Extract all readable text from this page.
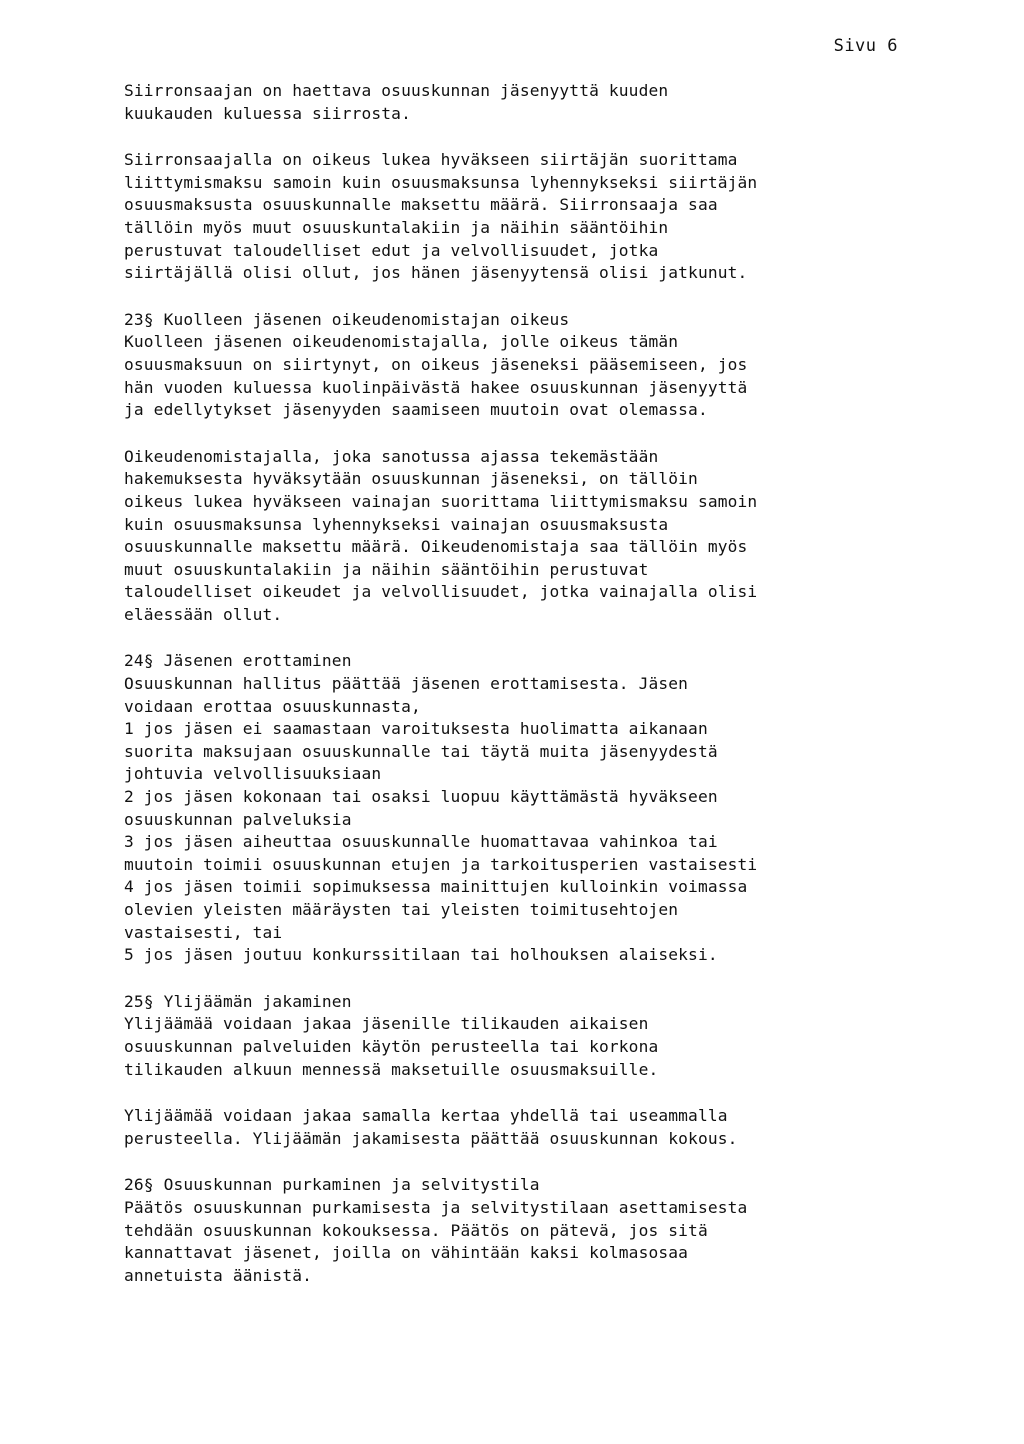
Sivu 6
Siirronsaajan on haettava osuuskunnan jäsenyyttä kuuden
kuukauden kuluessa siirrosta.
Siirronsaajalla on oikeus lukea hyväkseen siirtäjän suorittama
liittymismaksu samoin kuin osuusmaksunsa lyhennykseksi siirtäjän
osuusmaksusta osuuskunnalle maksettu määrä. Siirronsaaja saa
tällöin myös muut osuuskuntalakiin ja näihin sääntöihin
perustuvat taloudelliset edut ja velvollisuudet, jotka
siirtäjällä olisi ollut, jos hänen jäsenyytensä olisi jatkunut.
23§ Kuolleen jäsenen oikeudenomistajan oikeus
Kuolleen jäsenen oikeudenomistajalla, jolle oikeus tämän
osuusmaksuun on siirtynyt, on oikeus jäseneksi pääsemiseen, jos
hän vuoden kuluessa kuolinpäivästä hakee osuuskunnan jäsenyyttä
ja edellytykset jäsenyyden saamiseen muutoin ovat olemassa.
Oikeudenomistajalla, joka sanotussa ajassa tekemästään
hakemuksesta hyväksytään osuuskunnan jäseneksi, on tällöin
oikeus lukea hyväkseen vainajan suorittama liittymismaksu samoin
kuin osuusmaksunsa lyhennykseksi vainajan osuusmaksusta
osuuskunnalle maksettu määrä. Oikeudenomistaja saa tällöin myös
muut osuuskuntalakiin ja näihin sääntöihin perustuvat
taloudelliset oikeudet ja velvollisuudet, jotka vainajalla olisi
eläessään ollut.
24§ Jäsenen erottaminen
Osuuskunnan hallitus päättää jäsenen erottamisesta. Jäsen
voidaan erottaa osuuskunnasta,
1 jos jäsen ei saamastaan varoituksesta huolimatta aikanaan
suorita maksujaan osuuskunnalle tai täytä muita jäsenyydestä
johtuvia velvollisuuksiaan
2 jos jäsen kokonaan tai osaksi luopuu käyttämästä hyväkseen
osuuskunnan palveluksia
3 jos jäsen aiheuttaa osuuskunnalle huomattavaa vahinkoa tai
muutoin toimii osuuskunnan etujen ja tarkoitusperien vastaisesti
4 jos jäsen toimii sopimuksessa mainittujen kulloinkin voimassa
olevien yleisten määräysten tai yleisten toimitusehtojen
vastaisesti, tai
5 jos jäsen joutuu konkurssitilaan tai holhouksen alaiseksi.
25§ Ylijäämän jakaminen
Ylijäämää voidaan jakaa jäsenille tilikauden aikaisen
osuuskunnan palveluiden käytön perusteella tai korkona
tilikauden alkuun mennessä maksetuille osuusmaksuille.
Ylijäämää voidaan jakaa samalla kertaa yhdellä tai useammalla
perusteella. Ylijäämän jakamisesta päättää osuuskunnan kokous.
26§ Osuuskunnan purkaminen ja selvitystila
Päätös osuuskunnan purkamisesta ja selvitystilaan asettamisesta
tehdään osuuskunnan kokouksessa. Päätös on pätevä, jos sitä
kannattavat jäsenet, joilla on vähintään kaksi kolmasosaa
annetuista äänistä.
